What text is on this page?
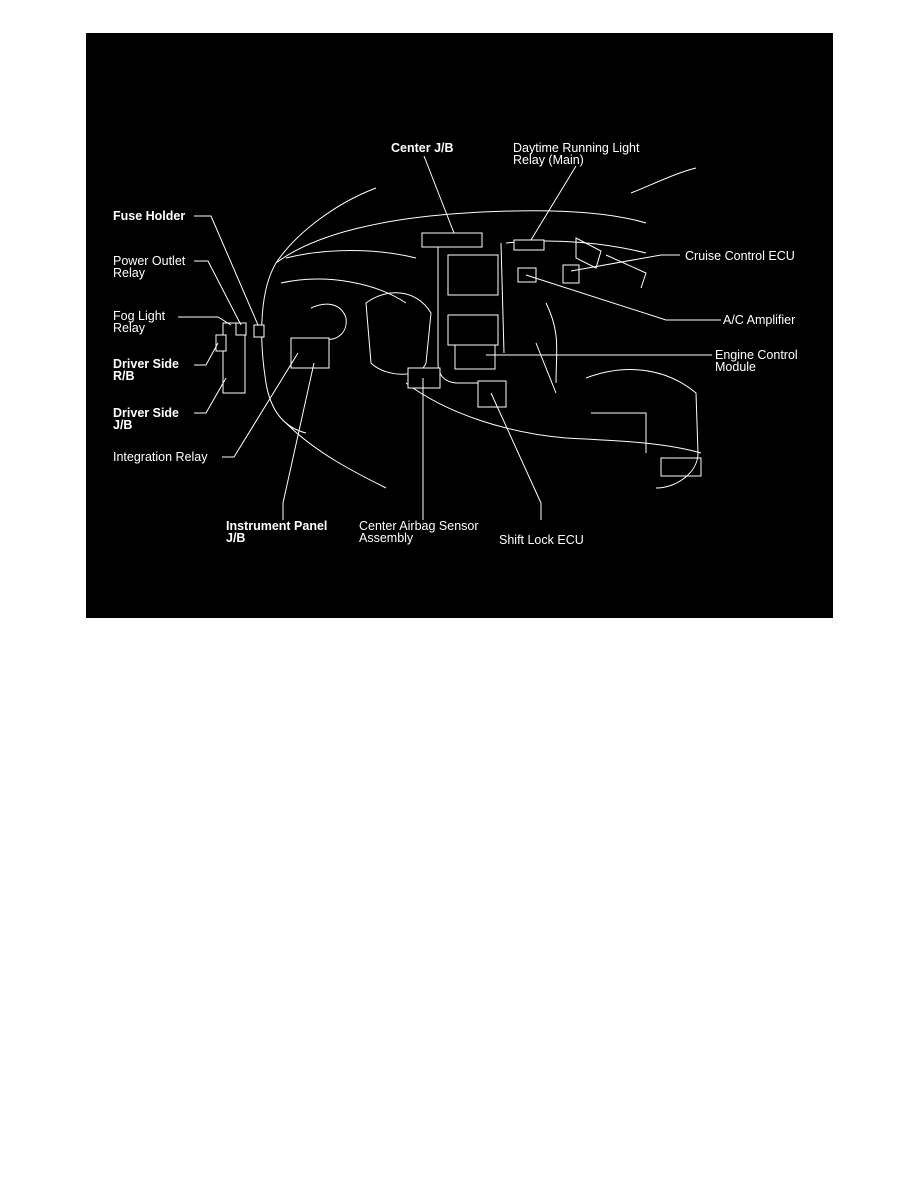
Center J/B	Daytime Running Light
Relay (Main)
Fuse Holder
Power Outlet
Relay
Fog Light
Relay
Driver Side
R/B
Driver Side
J/B
Integration Relay
Instrument Panel
J/B
Center Airbag Sensor
Assembly	Shift Lock ECU
Cruise Control ECU
A/C Amplifier
Engine Control
Module
